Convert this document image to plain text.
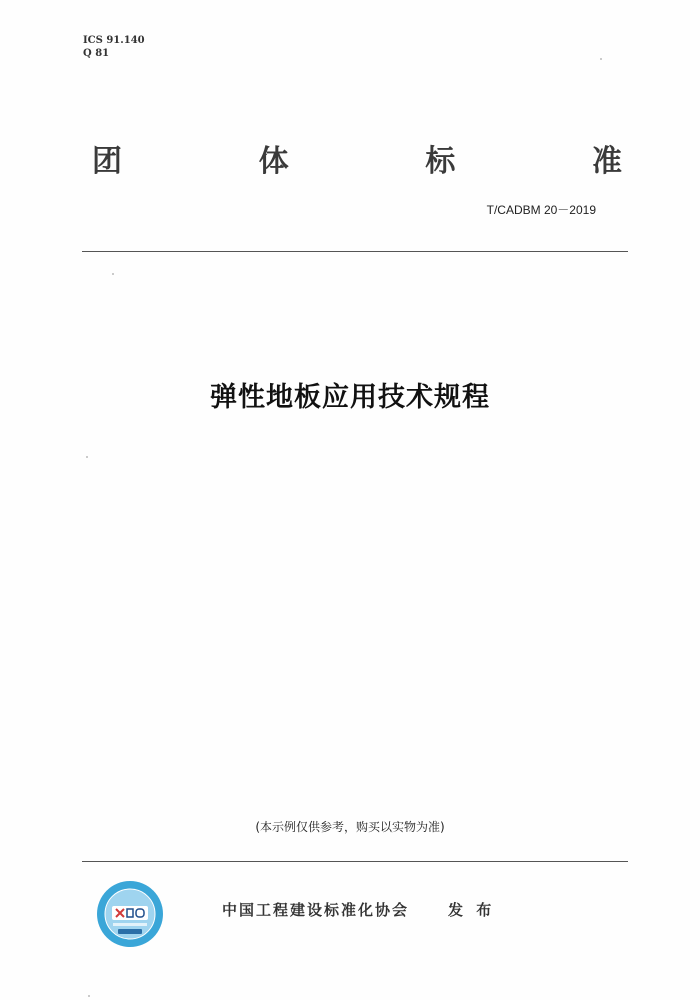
ICS 91.140
Q 81
团	体	标	准
T/CADBM 20－2019
弹性地板应用技术规程
(本示例仅供参考，购买以实物为准)
中国工程建设标准化协会	发 布
